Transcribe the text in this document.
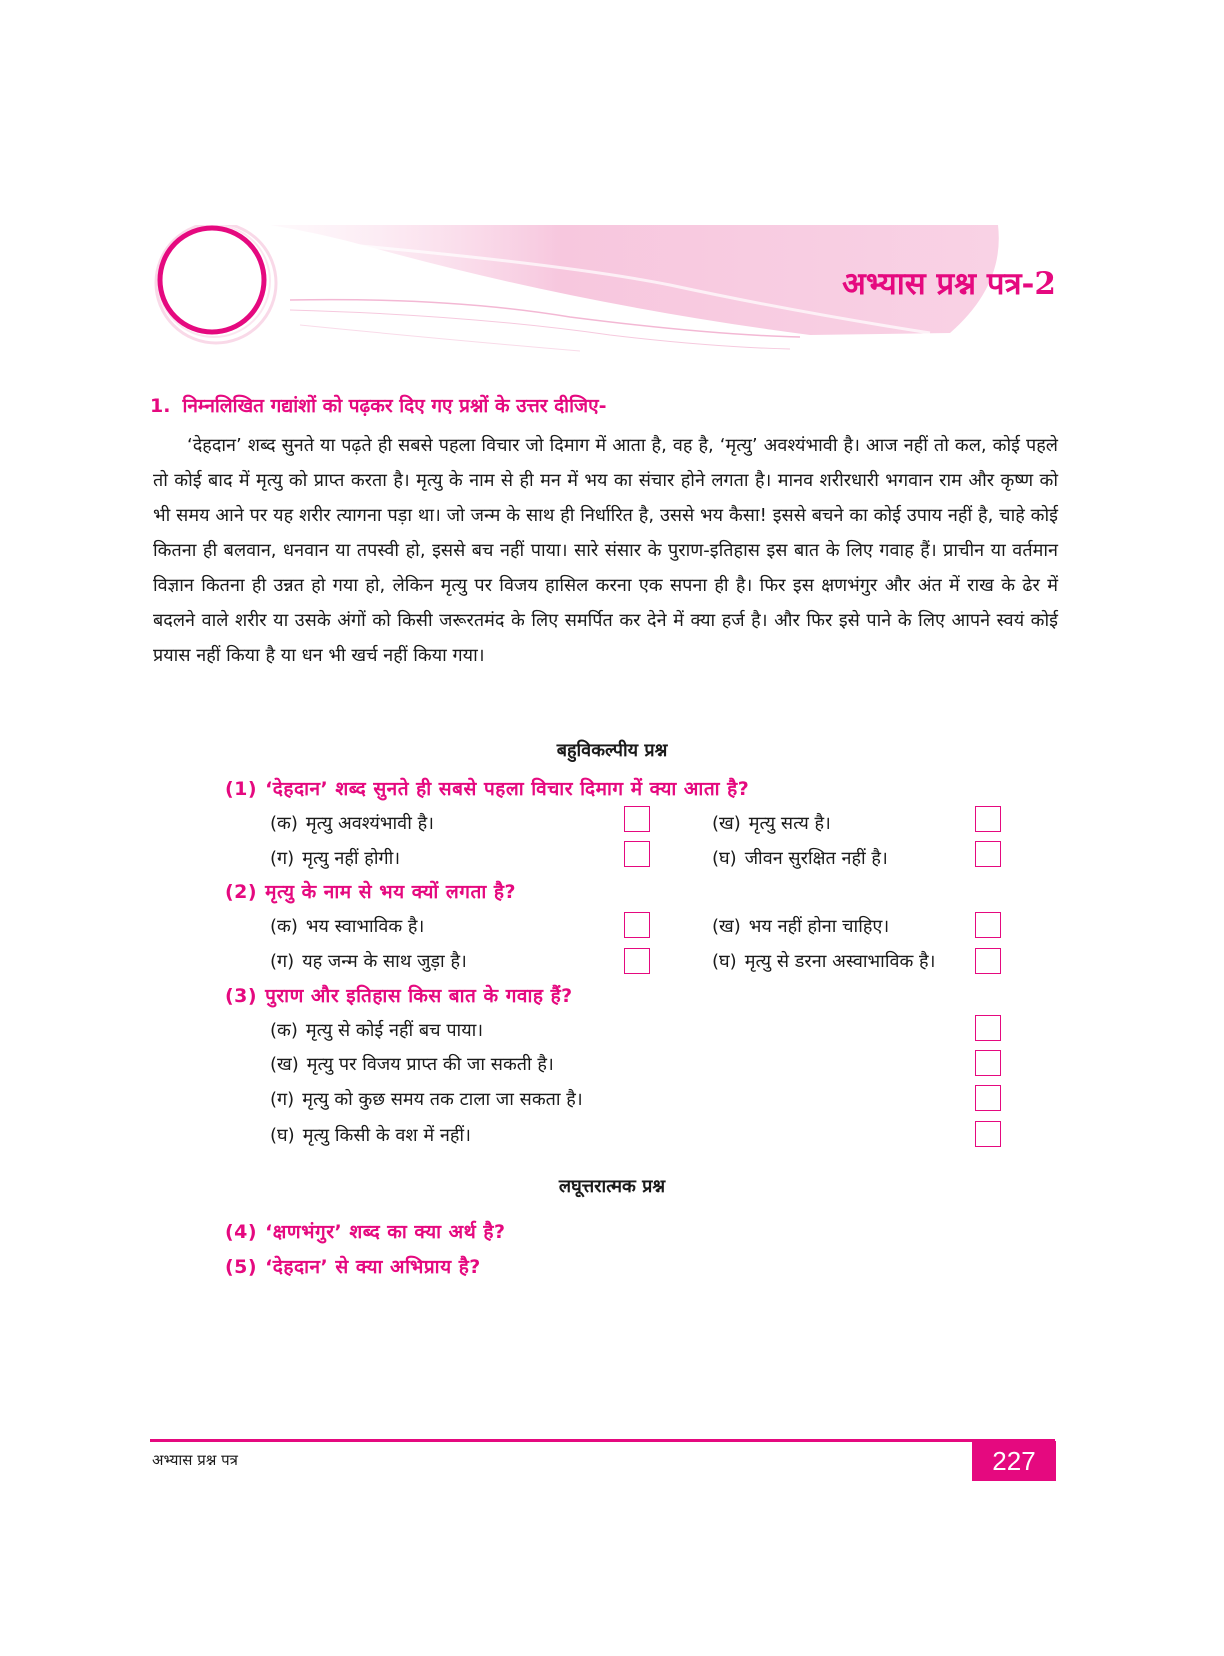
अभ्यास प्रश्न पत्र-2
1. निम्नलिखित गद्यांशों को पढ़कर दिए गए प्रश्नों के उत्तर दीजिए-
‘देहदान’ शब्द सुनते या पढ़ते ही सबसे पहला विचार जो दिमाग में आता है, वह है, ‘मृत्यु’ अवश्यंभावी है। आज नहीं तो कल, कोई पहले तो कोई बाद में मृत्यु को प्राप्त करता है। मृत्यु के नाम से ही मन में भय का संचार होने लगता है। मानव शरीरधारी भगवान राम और कृष्ण को भी समय आने पर यह शरीर त्यागना पड़ा था। जो जन्म के साथ ही निर्धारित है, उससे भय कैसा! इससे बचने का कोई उपाय नहीं है, चाहे कोई कितना ही बलवान, धनवान या तपस्वी हो, इससे बच नहीं पाया। सारे संसार के पुराण-इतिहास इस बात के लिए गवाह हैं। प्राचीन या वर्तमान विज्ञान कितना ही उन्नत हो गया हो, लेकिन मृत्यु पर विजय हासिल करना एक सपना ही है। फिर इस क्षणभंगुर और अंत में राख के ढेर में बदलने वाले शरीर या उसके अंगों को किसी जरूरतमंद के लिए समर्पित कर देने में क्या हर्ज है। और फिर इसे पाने के लिए आपने स्वयं कोई प्रयास नहीं किया है या धन भी खर्च नहीं किया गया।
बहुविकल्पीय प्रश्न
(1) ‘देहदान’ शब्द सुनते ही सबसे पहला विचार दिमाग में क्या आता है?
(क) मृत्यु अवश्यंभावी है।	(ख) मृत्यु सत्य है।
(ग) मृत्यु नहीं होगी।	(घ) जीवन सुरक्षित नहीं है।
(2) मृत्यु के नाम से भय क्यों लगता है?
(क) भय स्वाभाविक है।	(ख) भय नहीं होना चाहिए।
(ग) यह जन्म के साथ जुड़ा है।	(घ) मृत्यु से डरना अस्वाभाविक है।
(3) पुराण और इतिहास किस बात के गवाह हैं?
(क) मृत्यु से कोई नहीं बच पाया।
(ख) मृत्यु पर विजय प्राप्त की जा सकती है।
(ग) मृत्यु को कुछ समय तक टाला जा सकता है।
(घ) मृत्यु किसी के वश में नहीं।
लघूत्तरात्मक प्रश्न
(4) ‘क्षणभंगुर’ शब्द का क्या अर्थ है?
(5) ‘देहदान’ से क्या अभिप्राय है?
अभ्यास प्रश्न पत्र	227
